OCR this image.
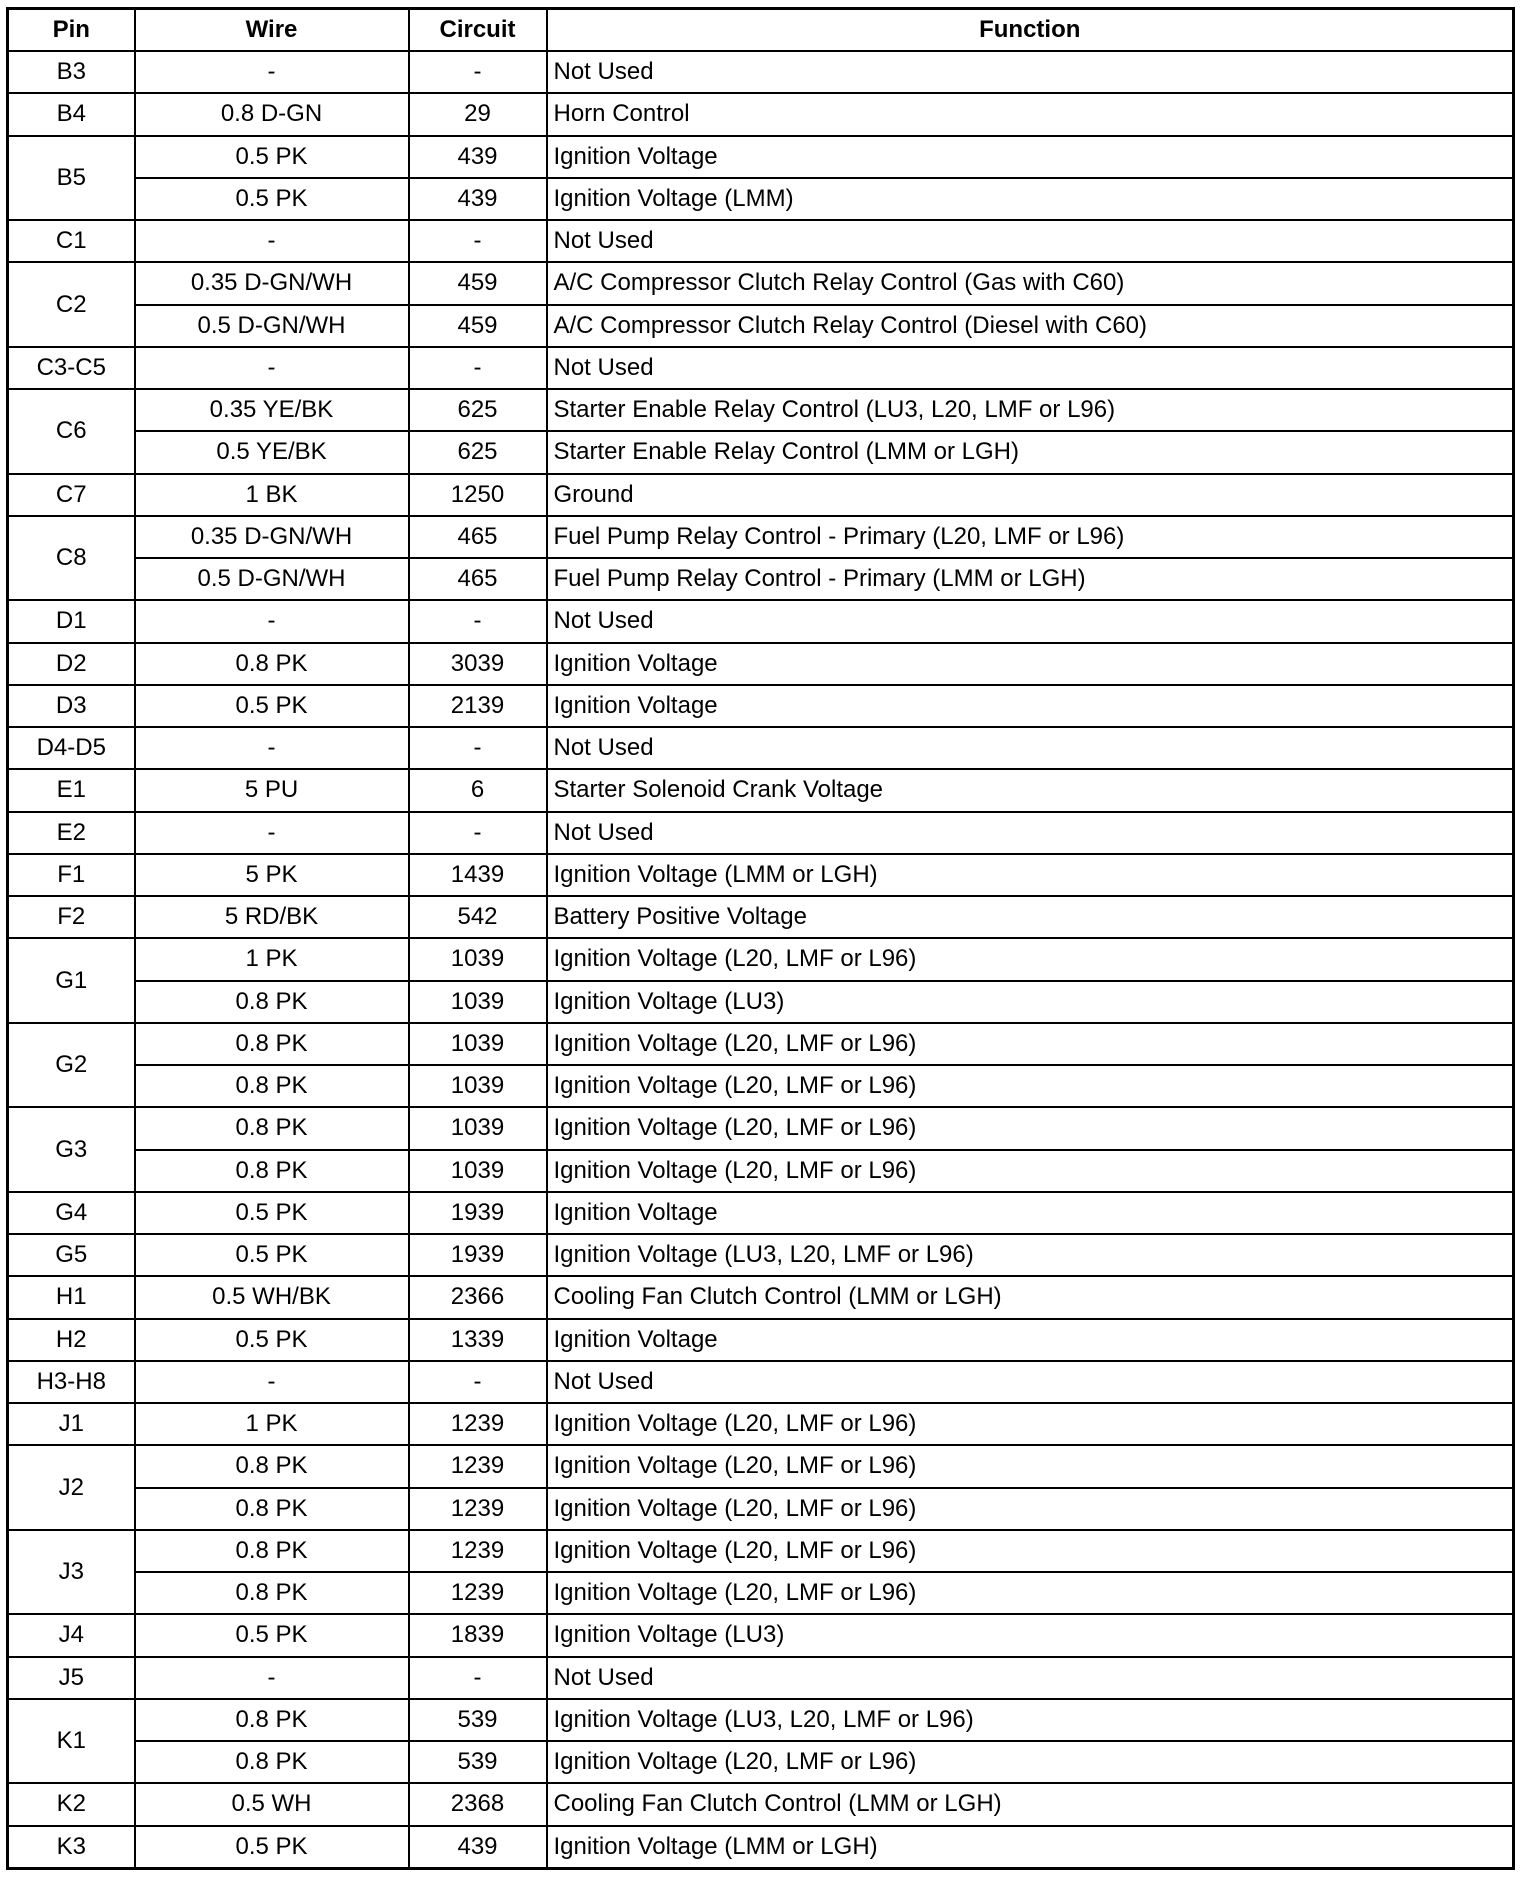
Pin	Wire	Circuit	Function
B3	-	-	Not Used
B4	0.8 D-GN	29	Horn Control
B5	0.5 PK	439	Ignition Voltage
	0.5 PK	439	Ignition Voltage (LMM)
C1	-	-	Not Used
C2	0.35 D-GN/WH	459	A/C Compressor Clutch Relay Control (Gas with C60)
	0.5 D-GN/WH	459	A/C Compressor Clutch Relay Control (Diesel with C60)
C3-C5	-	-	Not Used
C6	0.35 YE/BK	625	Starter Enable Relay Control (LU3, L20, LMF or L96)
	0.5 YE/BK	625	Starter Enable Relay Control (LMM or LGH)
C7	1 BK	1250	Ground
C8	0.35 D-GN/WH	465	Fuel Pump Relay Control - Primary (L20, LMF or L96)
	0.5 D-GN/WH	465	Fuel Pump Relay Control - Primary (LMM or LGH)
D1	-	-	Not Used
D2	0.8 PK	3039	Ignition Voltage
D3	0.5 PK	2139	Ignition Voltage
D4-D5	-	-	Not Used
E1	5 PU	6	Starter Solenoid Crank Voltage
E2	-	-	Not Used
F1	5 PK	1439	Ignition Voltage (LMM or LGH)
F2	5 RD/BK	542	Battery Positive Voltage
G1	1 PK	1039	Ignition Voltage (L20, LMF or L96)
	0.8 PK	1039	Ignition Voltage (LU3)
G2	0.8 PK	1039	Ignition Voltage (L20, LMF or L96)
	0.8 PK	1039	Ignition Voltage (L20, LMF or L96)
G3	0.8 PK	1039	Ignition Voltage (L20, LMF or L96)
	0.8 PK	1039	Ignition Voltage (L20, LMF or L96)
G4	0.5 PK	1939	Ignition Voltage
G5	0.5 PK	1939	Ignition Voltage (LU3, L20, LMF or L96)
H1	0.5 WH/BK	2366	Cooling Fan Clutch Control (LMM or LGH)
H2	0.5 PK	1339	Ignition Voltage
H3-H8	-	-	Not Used
J1	1 PK	1239	Ignition Voltage (L20, LMF or L96)
J2	0.8 PK	1239	Ignition Voltage (L20, LMF or L96)
	0.8 PK	1239	Ignition Voltage (L20, LMF or L96)
J3	0.8 PK	1239	Ignition Voltage (L20, LMF or L96)
	0.8 PK	1239	Ignition Voltage (L20, LMF or L96)
J4	0.5 PK	1839	Ignition Voltage (LU3)
J5	-	-	Not Used
K1	0.8 PK	539	Ignition Voltage (LU3, L20, LMF or L96)
	0.8 PK	539	Ignition Voltage (L20, LMF or L96)
K2	0.5 WH	2368	Cooling Fan Clutch Control (LMM or LGH)
K3	0.5 PK	439	Ignition Voltage (LMM or LGH)
